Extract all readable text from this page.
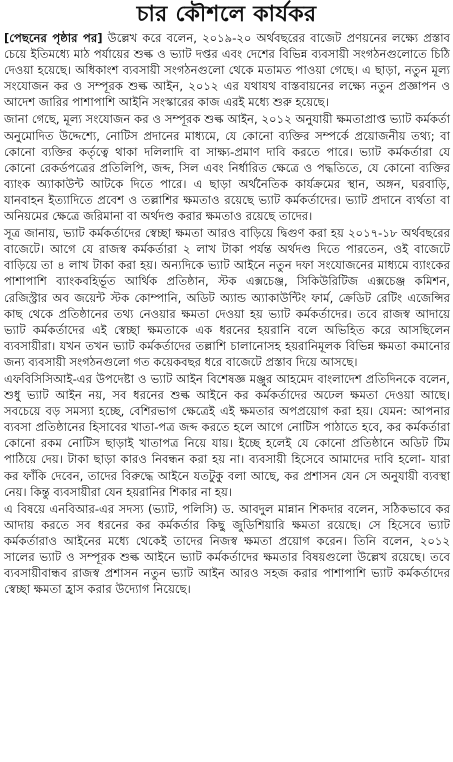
চার কৌশলে কার্যকর

[পেছনের পৃষ্ঠার পর] উল্লেখ করে বলেন, ২০১৯-২০ অর্থবছরের বাজেট প্রণয়নের লক্ষ্যে প্রস্তাব চেয়ে ইতিমধ্যে মাঠ পর্যায়ের শুল্ক ও ভ্যাট দপ্তর এবং দেশের বিভিন্ন ব্যবসায়ী সংগঠনগুলোতে চিঠি দেওয়া হয়েছে। অধিকাংশ ব্যবসায়ী সংগঠনগুলো থেকে মতামত পাওয়া গেছে। এ ছাড়া, নতুন মূল্য সংযোজন কর ও সম্পূরক শুল্ক আইন, ২০১২ এর যথাযথ বাস্তবায়নের লক্ষ্যে নতুন প্রজ্ঞাপন ও আদেশ জারির পাশাপাশি আইনি সংস্কারের কাজ এরই মধ্যে শুরু হয়েছে।

জানা গেছে, মূল্য সংযোজন কর ও সম্পূরক শুল্ক আইন, ২০১২ অনুযায়ী ক্ষমতাপ্রাপ্ত ভ্যাট কর্মকর্তা অনুমোদিত উদ্দেশ্যে, নোটিস প্রদানের মাধ্যমে, যে কোনো ব্যক্তির সম্পর্কে প্রয়োজনীয় তথ্য; বা কোনো ব্যক্তির কর্তৃত্বে থাকা দলিলাদি বা সাক্ষ্য-প্রমাণ দাবি করতে পারে। ভ্যাট কর্মকর্তারা যে কোনো রেকর্ডপত্রের প্রতিলিপি, জব্দ, সিল এবং নির্ধারিত ক্ষেত্রে ও পদ্ধতিতে, যে কোনো ব্যক্তির ব্যাংক অ্যাকাউন্ট আটকে দিতে পারে। এ ছাড়া অর্থনৈতিক কার্যক্রমের স্থান, অঙ্গন, ঘরবাড়ি, যানবাহন ইত্যাদিতে প্রবেশ ও তল্লাশির ক্ষমতাও রয়েছে ভ্যাট কর্মকর্তাদের। ভ্যাট প্রদানে ব্যর্থতা বা অনিয়মের ক্ষেত্রে জরিমানা বা অর্থদণ্ড করার ক্ষমতাও রয়েছে তাদের।

সূত্র জানায়, ভ্যাট কর্মকর্তাদের স্বেচ্ছা ক্ষমতা আরও বাড়িয়ে দ্বিগুণ করা হয় ২০১৭-১৮ অর্থবছরের বাজেটে। আগে যে রাজস্ব কর্মকর্তারা ২ লাখ টাকা পর্যন্ত অর্থদণ্ড দিতে পারতেন, ওই বাজেটে বাড়িয়ে তা ৪ লাখ টাকা করা হয়। অন্যদিকে ভ্যাট আইনে নতুন দফা সংযোজনের মাধ্যমে ব্যাংকের পাশাপাশি ব্যাংকবহির্ভূত আর্থিক প্রতিষ্ঠান, স্টক এক্সচেঞ্জ, সিকিউরিটিজ এক্সচেঞ্জ কমিশন, রেজিস্ট্রার অব জয়েন্ট স্টক কোম্পানি, অডিট অ্যান্ড অ্যাকাউন্টিং ফার্ম, ক্রেডিট রেটিং এজেন্সির কাছ থেকে প্রতিষ্ঠানের তথ্য নেওয়ার ক্ষমতা দেওয়া হয় ভ্যাট কর্মকর্তাদের। তবে রাজস্ব আদায়ে ভ্যাট কর্মকর্তাদের এই স্বেচ্ছা ক্ষমতাকে এক ধরনের হয়রানি বলে অভিহিত করে আসছিলেন ব্যবসায়ীরা। যখন তখন ভ্যাট কর্মকর্তাদের তল্লাশি চালানোসহ হয়রানিমূলক বিভিন্ন ক্ষমতা কমানোর জন্য ব্যবসায়ী সংগঠনগুলো গত কয়েকবছর ধরে বাজেটে প্রস্তাব দিয়ে আসছে।

এফবিসিসিআই-এর উপদেষ্টা ও ভ্যাট আইন বিশেষজ্ঞ মঞ্জুর আহমেদ বাংলাদেশ প্রতিদিনকে বলেন, শুধু ভ্যাট আইন নয়, সব ধরনের শুল্ক আইনে কর কর্মকর্তাদের অঢেল ক্ষমতা দেওয়া আছে। সবচেয়ে বড় সমস্যা হচ্ছে, বেশিরভাগ ক্ষেত্রেই এই ক্ষমতার অপপ্রয়োগ করা হয়। যেমন: আপনার ব্যবসা প্রতিষ্ঠানের হিসাবের খাতা-পত্র জব্দ করতে হলে আগে নোটিস পাঠাতে হবে, কর কর্মকর্তারা কোনো রকম নোটিস ছাড়াই খাতাপত্র নিয়ে যায়। ইচ্ছে হলেই যে কোনো প্রতিষ্ঠানে অডিট টিম পাঠিয়ে দেয়। টাকা ছাড়া কারও নিবন্ধন করা হয় না। ব্যবসায়ী হিসেবে আমাদের দাবি হলো- যারা কর ফাঁকি দেবেন, তাদের বিরুদ্ধে আইনে যতটুকু বলা আছে, কর প্রশাসন যেন সে অনুযায়ী ব্যবস্থা নেয়। কিন্তু ব্যবসায়ীরা যেন হয়রানির শিকার না হয়।

এ বিষয়ে এনবিআর-এর সদস্য (ভ্যাট, পলিসি) ড. আবদুল মান্নান শিকদার বলেন, সঠিকভাবে কর আদায় করতে সব ধরনের কর কর্মকর্তার কিছু জুডিশিয়ারি ক্ষমতা রয়েছে। সে হিসেবে ভ্যাট কর্মকর্তারাও আইনের মধ্যে থেকেই তাদের নিজস্ব ক্ষমতা প্রয়োগ করেন। তিনি বলেন, ২০১২ সালের ভ্যাট ও সম্পূরক শুল্ক আইনে ভ্যাট কর্মকর্তাদের ক্ষমতার বিষয়গুলো উল্লেখ রয়েছে। তবে ব্যবসায়ীবান্ধব রাজস্ব প্রশাসন নতুন ভ্যাট আইন আরও সহজ করার পাশাপাশি ভ্যাট কর্মকর্তাদের স্বেচ্ছা ক্ষমতা হ্রাস করার উদ্যোগ নিয়েছে।
